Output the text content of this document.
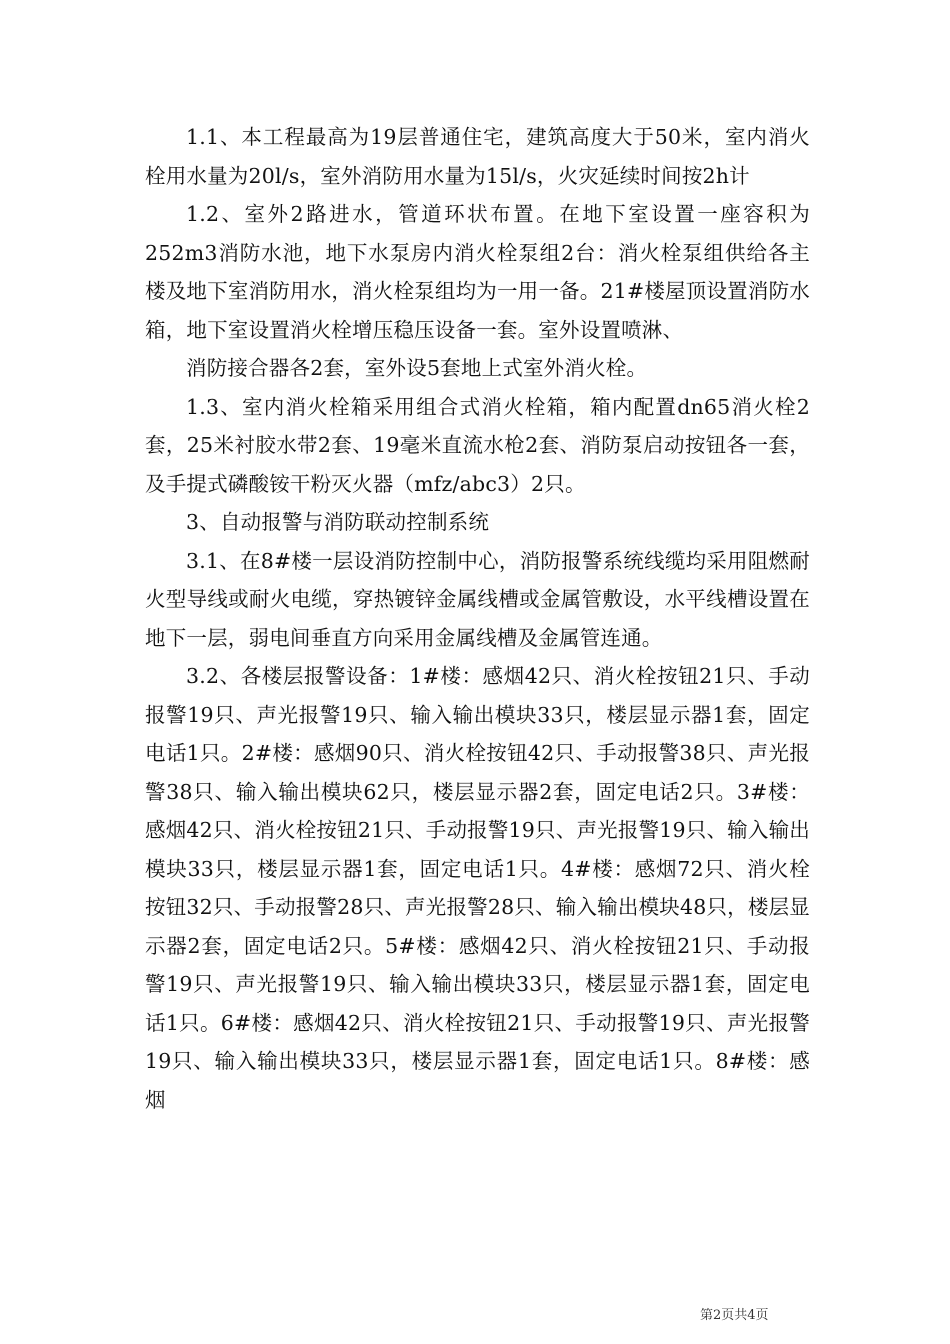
1.1、本工程最高为19层普通住宅，建筑高度大于50米，室内消火栓用水量为20l/s，室外消防用水量为15l/s，火灾延续时间按2h计

1.2、室外2路进水，管道环状布置。在地下室设置一座容积为252m3消防水池，地下水泵房内消火栓泵组2台：消火栓泵组供给各主楼及地下室消防用水，消火栓泵组均为一用一备。21#楼屋顶设置消防水箱，地下室设置消火栓增压稳压设备一套。室外设置喷淋、

消防接合器各2套，室外设5套地上式室外消火栓。

1.3、室内消火栓箱采用组合式消火栓箱，箱内配置dn65消火栓2套，25米衬胶水带2套、19毫米直流水枪2套、消防泵启动按钮各一套，及手提式磷酸铵干粉灭火器（mfz/abc3）2只。

3、自动报警与消防联动控制系统

3.1、在8#楼一层设消防控制中心，消防报警系统线缆均采用阻燃耐火型导线或耐火电缆，穿热镀锌金属线槽或金属管敷设，水平线槽设置在地下一层，弱电间垂直方向采用金属线槽及金属管连通。

3.2、各楼层报警设备：1#楼：感烟42只、消火栓按钮21只、手动报警19只、声光报警19只、输入输出模块33只，楼层显示器1套，固定电话1只。2#楼：感烟90只、消火栓按钮42只、手动报警38只、声光报警38只、输入输出模块62只，楼层显示器2套，固定电话2只。3#楼：感烟42只、消火栓按钮21只、手动报警19只、声光报警19只、输入输出模块33只，楼层显示器1套，固定电话1只。4#楼：感烟72只、消火栓按钮32只、手动报警28只、声光报警28只、输入输出模块48只，楼层显示器2套，固定电话2只。5#楼：感烟42只、消火栓按钮21只、手动报警19只、声光报警19只、输入输出模块33只，楼层显示器1套，固定电话1只。6#楼：感烟42只、消火栓按钮21只、手动报警19只、声光报警19只、输入输出模块33只，楼层显示器1套，固定电话1只。8#楼：感烟

第2页共4页
